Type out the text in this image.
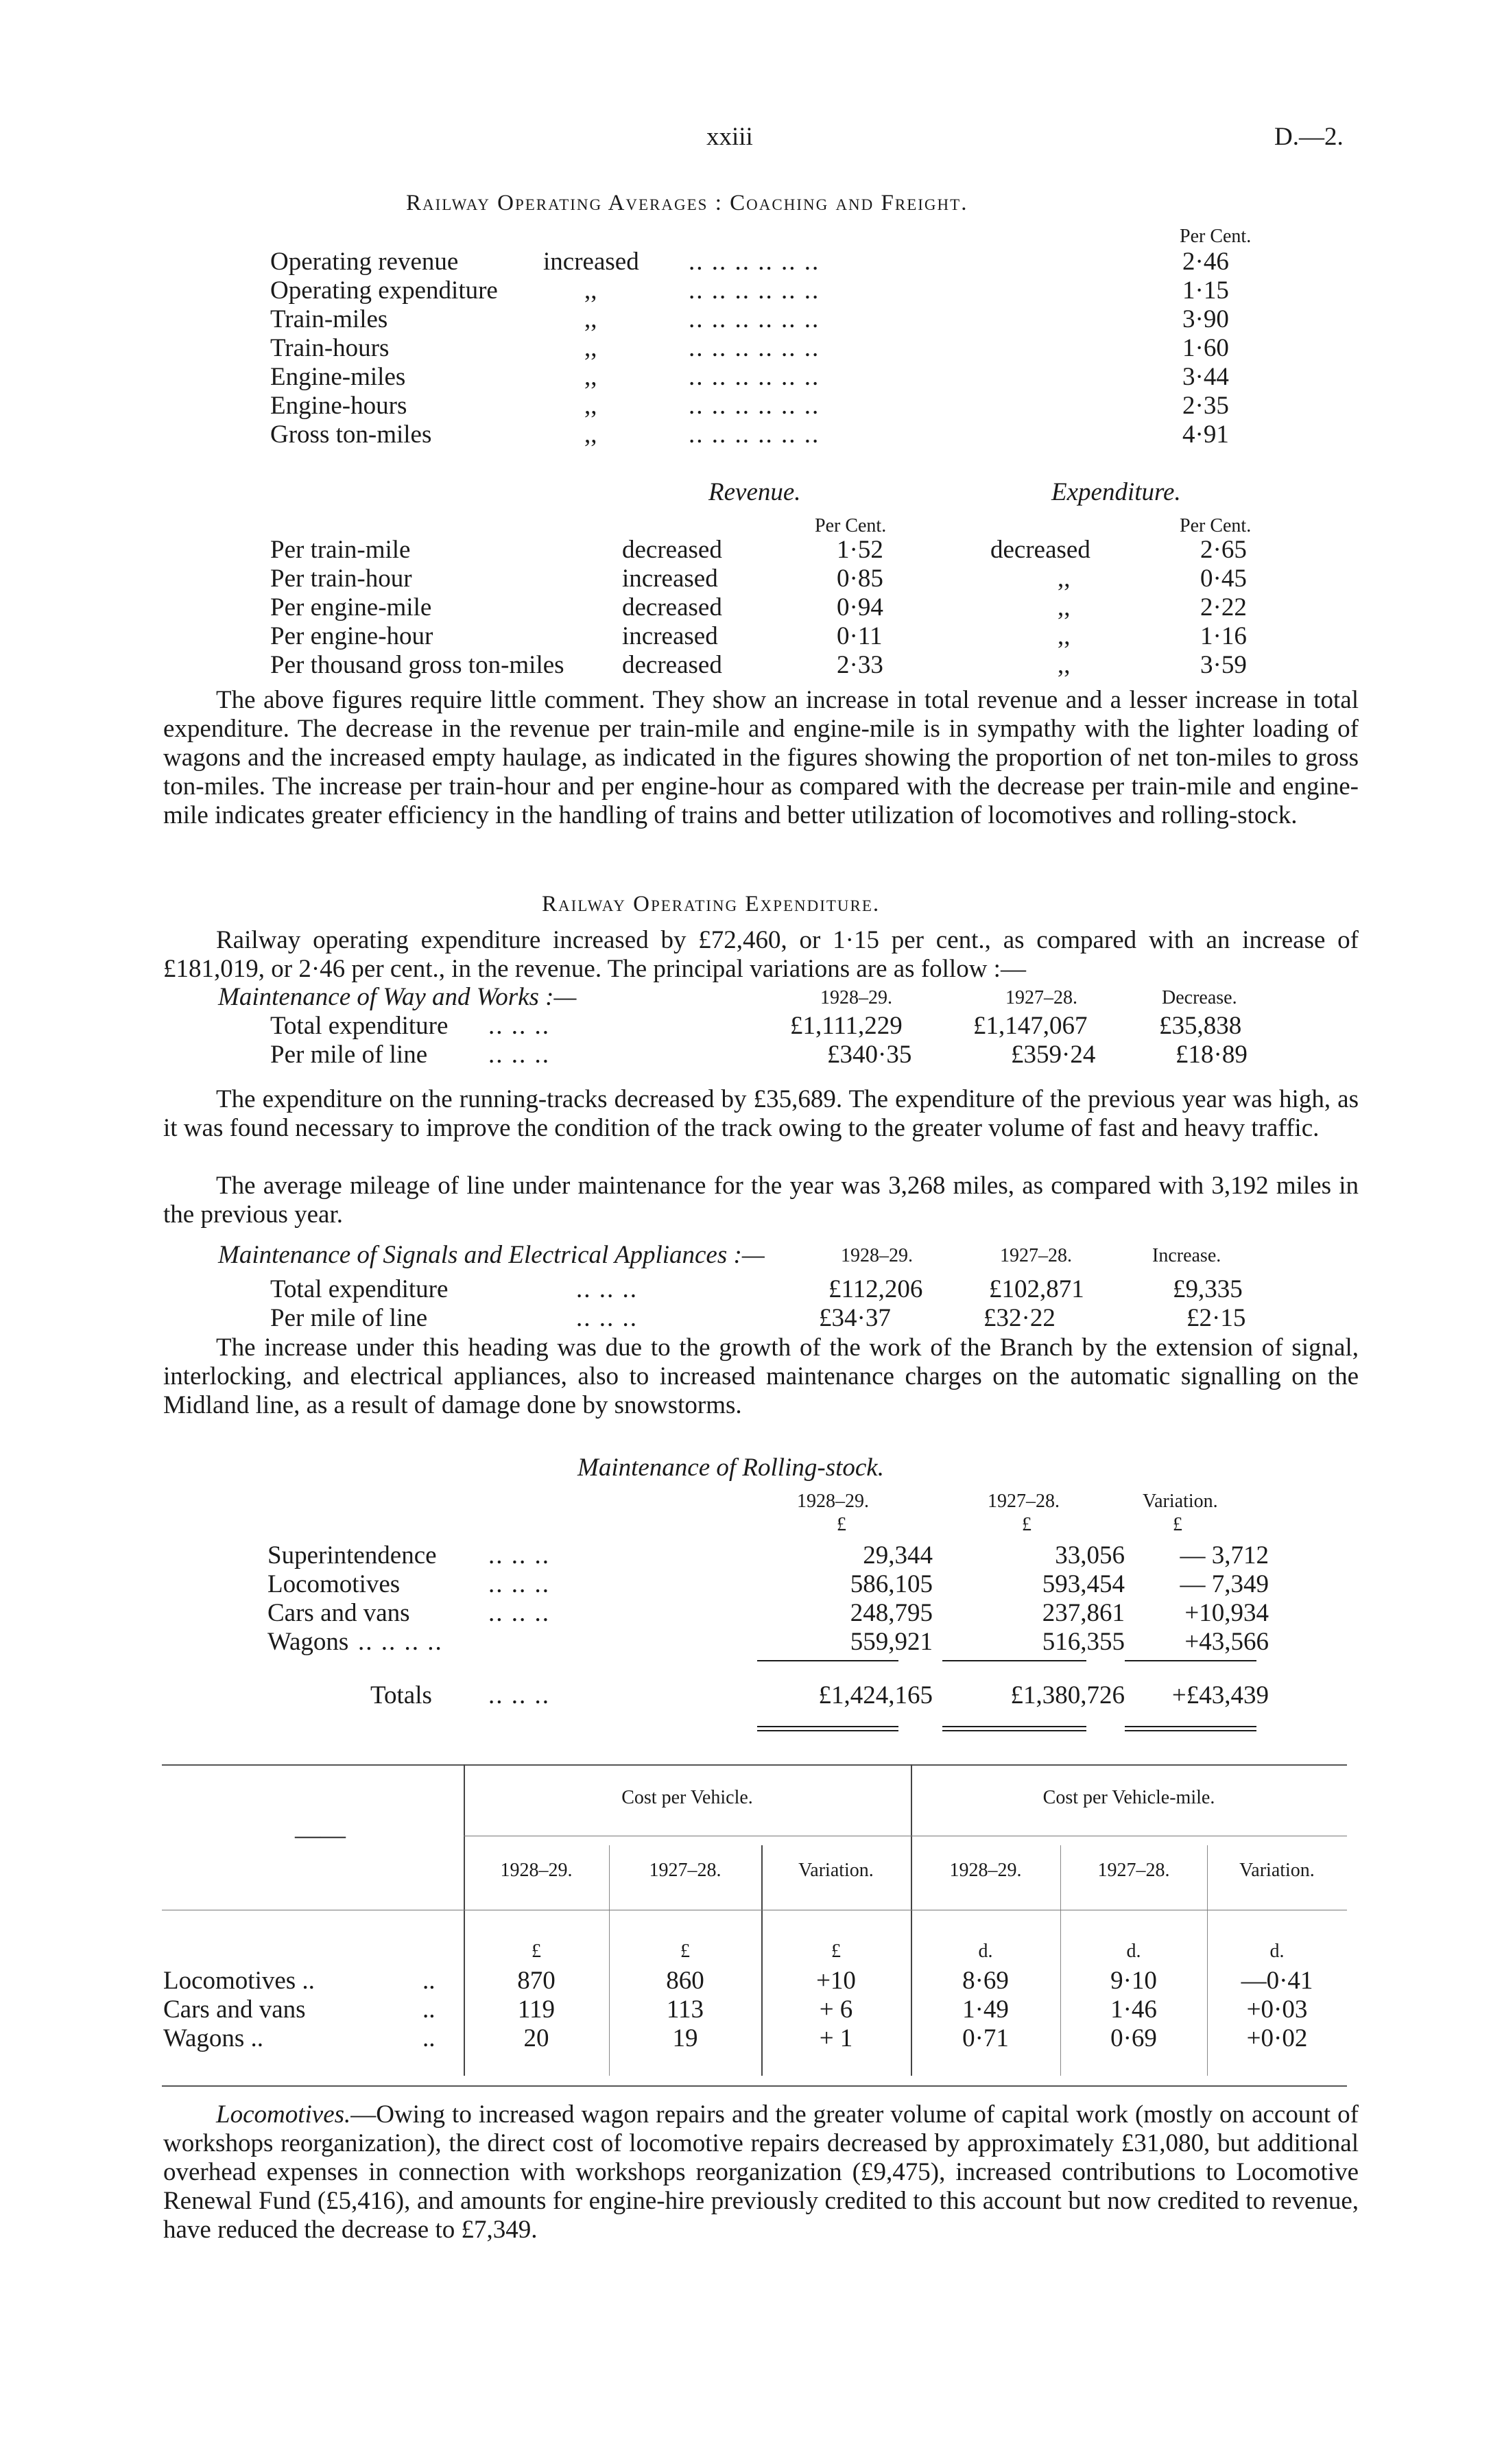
xxiii	D.—2.
Railway Operating Averages : Coaching and Freight.
Per Cent.
Operating revenue	increased .. .. .. .. .. ..	2·46
Operating expenditure	,,	.. .. .. .. .. ..	1·15
Train-miles	,,	.. .. .. .. .. ..	3·90
Train-hours	,,	.. .. .. .. .. ..	1·60
Engine-miles	,,	.. .. .. .. .. ..	3·44
Engine-hours	,,	.. .. .. .. .. ..	2·35
Gross ton-miles	,,	.. .. .. .. .. ..	4·91
Revenue.	Expenditure.
Per Cent.	Per Cent.
Per train-mile	decreased	1·52	decreased	2·65
Per train-hour	increased	0·85	,,	0·45
Per engine-mile	decreased	0·94	,,	2·22
Per engine-hour	increased	0·11	,,	1·16
Per thousand gross ton-miles decreased	2·33	,,	3·59
The above figures require little comment. They show an increase in total revenue and a lesser increase in total expenditure. The decrease in the revenue per train-mile and engine-mile is in sympathy with the lighter loading of wagons and the increased empty haulage, as indicated in the figures showing the proportion of net ton-miles to gross ton-miles. The increase per train-hour and per engine-hour as compared with the decrease per train-mile and engine-mile indicates greater efficiency in the handling of trains and better utilization of locomotives and rolling-stock.
Railway Operating Expenditure.
Railway operating expenditure increased by £72,460, or 1·15 per cent., as compared with an increase of £181,019, or 2·46 per cent., in the revenue. The principal variations are as follow :—
Maintenance of Way and Works :—	1928–29.	1927–28.	Decrease.
Total expenditure .. .. ..	£1,111,229	£1,147,067	£35,838
Per mile of line .. .. ..	£340·35	£359·24	£18·89
The expenditure on the running-tracks decreased by £35,689. The expenditure of the previous year was high, as it was found necessary to improve the condition of the track owing to the greater volume of fast and heavy traffic.
The average mileage of line under maintenance for the year was 3,268 miles, as compared with 3,192 miles in the previous year.
Maintenance of Signals and Electrical Appliances :—	1928–29.	1927–28.	Increase.
Total expenditure	.. .. ..	£112,206	£102,871	£9,335
Per mile of line	.. .. ..	£34·37	£32·22	£2·15
The increase under this heading was due to the growth of the work of the Branch by the extension of signal, interlocking, and electrical appliances, also to increased maintenance charges on the automatic signalling on the Midland line, as a result of damage done by snowstorms.
Maintenance of Rolling-stock.
1928–29.	1927–28.	Variation.
£	£	£
Superintendence .. .. ..	29,344	33,056	— 3,712
Locomotives	.. .. ..	586,105	593,454	— 7,349
Cars and vans	.. .. ..	248,795	237,861	+10,934
Wagons .. .. .. ..	559,921	516,355	+43,566
Totals .. .. ..	£1,424,165	£1,380,726	+£43,439
——
Cost per Vehicle.	Cost per Vehicle-mile.
1928–29.	1927–28.	Variation.	1928–29.	1927–28.	Variation.
£	£	£	d.	d.	d.
Locomotives ..	..	870	860	+10	8·69	9·10	—0·41
Cars and vans	..	119	113	+ 6	1·49	1·46	+0·03
Wagons ..	..	20	19	+ 1	0·71	0·69	+0·02
Locomotives.—Owing to increased wagon repairs and the greater volume of capital work (mostly on account of workshops reorganization), the direct cost of locomotive repairs decreased by approximately £31,080, but additional overhead expenses in connection with workshops reorganization (£9,475), increased contributions to Locomotive Renewal Fund (£5,416), and amounts for engine-hire previously credited to this account but now credited to revenue, have reduced the decrease to £7,349.
